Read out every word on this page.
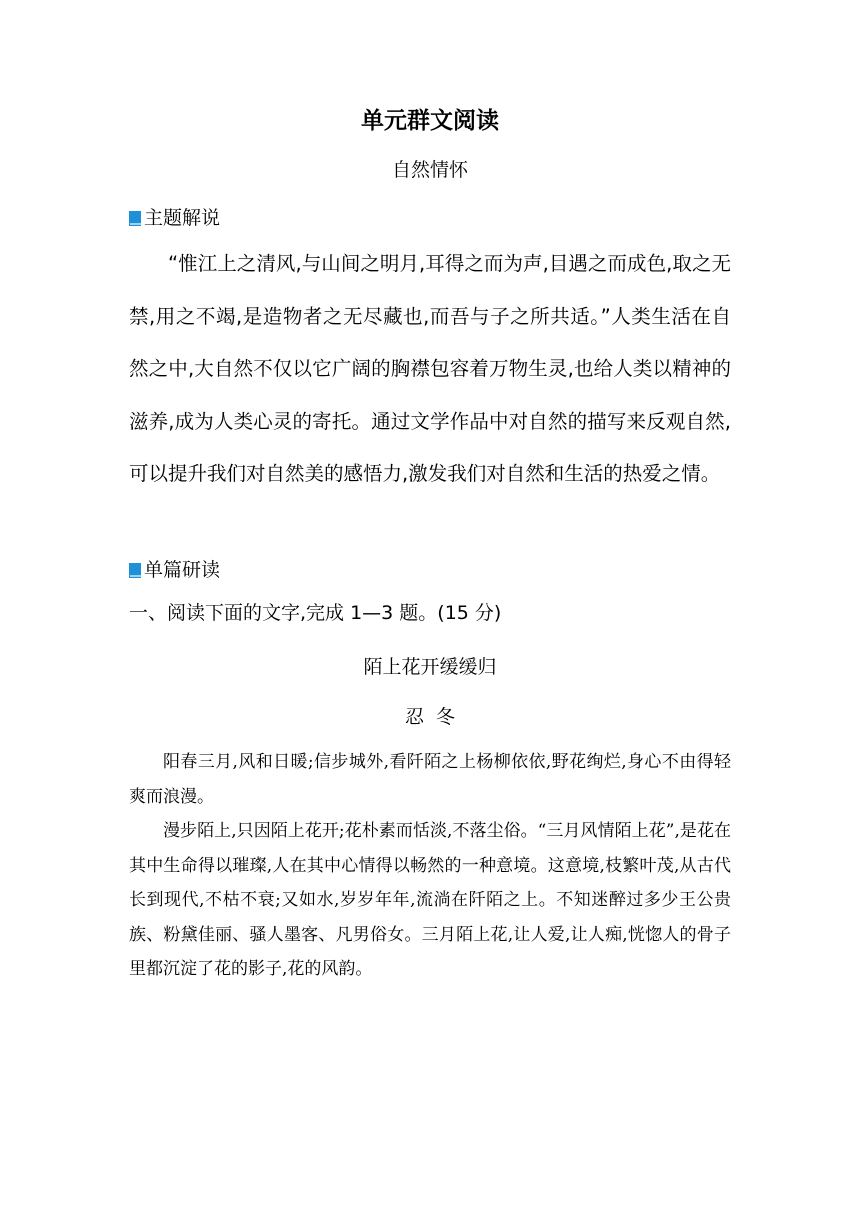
单元群文阅读
自然情怀
主题解说

“惟江上之清风,与山间之明月,耳得之而为声,目遇之而成色,取之无禁,用之不竭,是造物者之无尽藏也,而吾与子之所共适。”人类生活在自然之中,大自然不仅以它广阔的胸襟包容着万物生灵,也给人类以精神的滋养,成为人类心灵的寄托。通过文学作品中对自然的描写来反观自然,可以提升我们对自然美的感悟力,激发我们对自然和生活的热爱之情。

单篇研读
一、阅读下面的文字,完成 1—3 题。(15 分)
陌上花开缓缓归
忍冬

阳春三月,风和日暖;信步城外,看阡陌之上杨柳依依,野花绚烂,身心不由得轻爽而浪漫。

漫步陌上,只因陌上花开;花朴素而恬淡,不落尘俗。“三月风情陌上花”,是花在其中生命得以璀璨,人在其中心情得以畅然的一种意境。这意境,枝繁叶茂,从古代长到现代,不枯不衰;又如水,岁岁年年,流淌在阡陌之上。不知迷醉过多少王公贵族、粉黛佳丽、骚人墨客、凡男俗女。三月陌上花,让人爱,让人痴,恍惚人的骨子里都沉淀了花的影子,花的风韵。
